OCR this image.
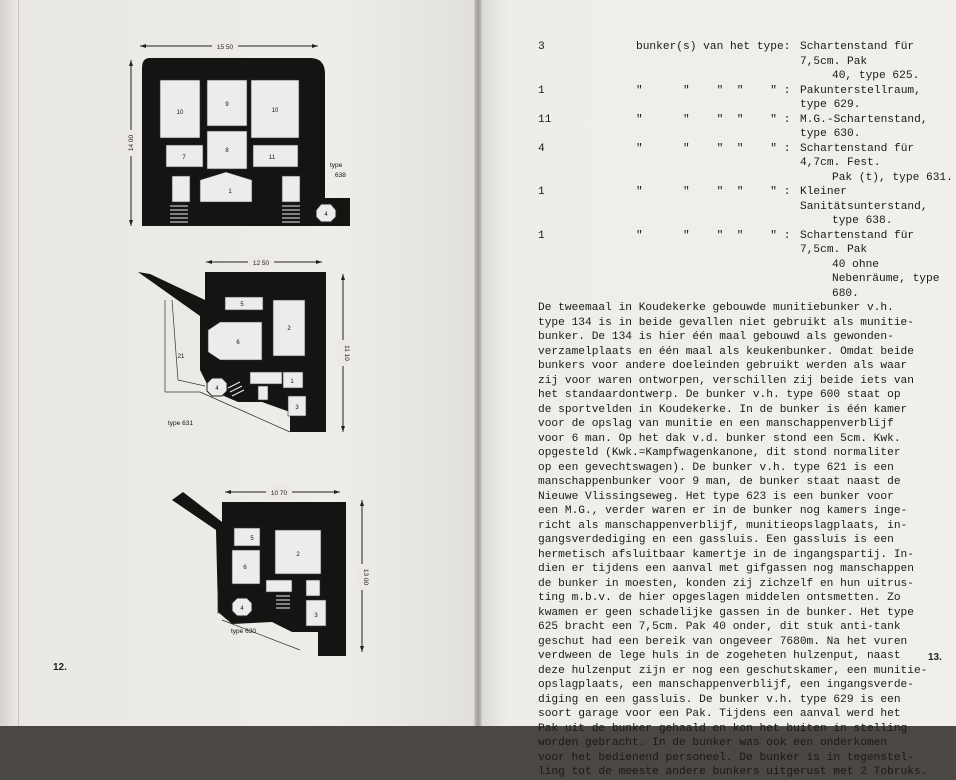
15 50
14 00
10
9
10
8
7	11
1
4
type
638
12 50
11 10
5
2
6
21
4
1
3
type 631
10 70
13 00
5
2
6
4
3
type 630
12.
13.
3	bunker(s) van het type: Schartenstand für 7,5cm. Pak
40, type 625.
1	"      "    "  "    " : Pakunterstellraum, type 629.
11	"      "    "  "    " : M.G.-Schartenstand, type 630.
4	"      "    "  "    " : Schartenstand für 4,7cm. Fest.
Pak (t), type 631.
1	"      "    "  "    " : Kleiner Sanitätsunterstand,
type 638.
1	"      "    "  "    " : Schartenstand für 7,5cm. Pak
40 ohne Nebenräume, type 680.
De tweemaal in Koudekerke gebouwde munitiebunker v.h.
type 134 is in beide gevallen niet gebruikt als munitie-
bunker. De 134 is hier één maal gebouwd als gewonden-
verzamelplaats en één maal als keukenbunker. Omdat beide
bunkers voor andere doeleinden gebruikt werden als waar
zij voor waren ontworpen, verschillen zij beide iets van
het standaardontwerp. De bunker v.h. type 600 staat op
de sportvelden in Koudekerke. In de bunker is één kamer
voor de opslag van munitie en een manschappenverblijf
voor 6 man. Op het dak v.d. bunker stond een 5cm. Kwk.
opgesteld (Kwk.=Kampfwagenkanone, dit stond normaliter
op een gevechtswagen). De bunker v.h. type 621 is een
manschappenbunker voor 9 man, de bunker staat naast de
Nieuwe Vlissingseweg. Het type 623 is een bunker voor
een M.G., verder waren er in de bunker nog kamers inge-
richt als manschappenverblijf, munitieopslagplaats, in-
gangsverdediging en een gassluis. Een gassluis is een
hermetisch afsluitbaar kamertje in de ingangspartij. In-
dien er tijdens een aanval met gifgassen nog manschappen
de bunker in moesten, konden zij zichzelf en hun uitrus-
ting m.b.v. de hier opgeslagen middelen ontsmetten. Zo
kwamen er geen schadelijke gassen in de bunker. Het type
625 bracht een 7,5cm. Pak 40 onder, dit stuk anti-tank
geschut had een bereik van ongeveer 7680m. Na het vuren
verdween de lege huls in de zogeheten hulzenput, naast
deze hulzenput zijn er nog een geschutskamer, een munitie-
opslagplaats, een manschappenverblijf, een ingangsverde-
diging en een gassluis. De bunker v.h. type 629 is een
soort garage voor een Pak. Tijdens een aanval werd het
Pak uit de bunker gehaald en kon het buiten in stelling
worden gebracht. In de bunker was ook een onderkomen
voor het bedienend personeel. De bunker is in tegenstel-
ling tot de meeste andere bunkers uitgerust met 2 Tobruks.
